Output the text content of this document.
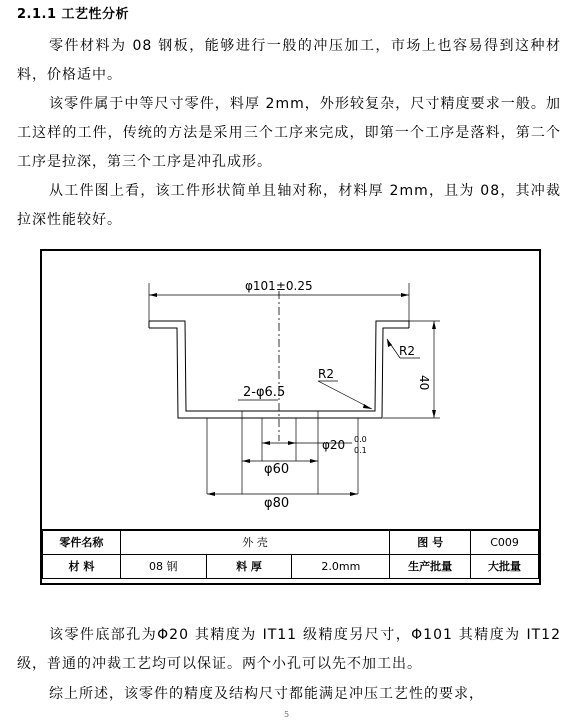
2.1.1 工艺性分析
零件材料为 08 钢板，能够进行一般的冲压加工，市场上也容易得到这种材料，价格适中。
该零件属于中等尺寸零件，料厚 2mm，外形较复杂，尺寸精度要求一般。加工这样的工件，传统的方法是采用三个工序来完成，即第一个工序是落料，第二个工序是拉深，第三个工序是冲孔成形。
从工件图上看，该工件形状简单且轴对称，材料厚 2mm，且为 08，其冲裁拉深性能较好。
φ101±0.25
R2
40
R2
2-φ6.5
φ20 0.0
0.1
φ60
φ80
零件名称	外 壳			图 号	C009
材 料	08 钢	料 厚	2.0mm	生产批量	大批量
该零件底部孔为Φ20 其精度为 IT11 级精度另尺寸，Φ101 其精度为 IT12 级，普通的冲裁工艺均可以保证。两个小孔可以先不加工出。
综上所述，该零件的精度及结构尺寸都能满足冲压工艺性的要求，
5
